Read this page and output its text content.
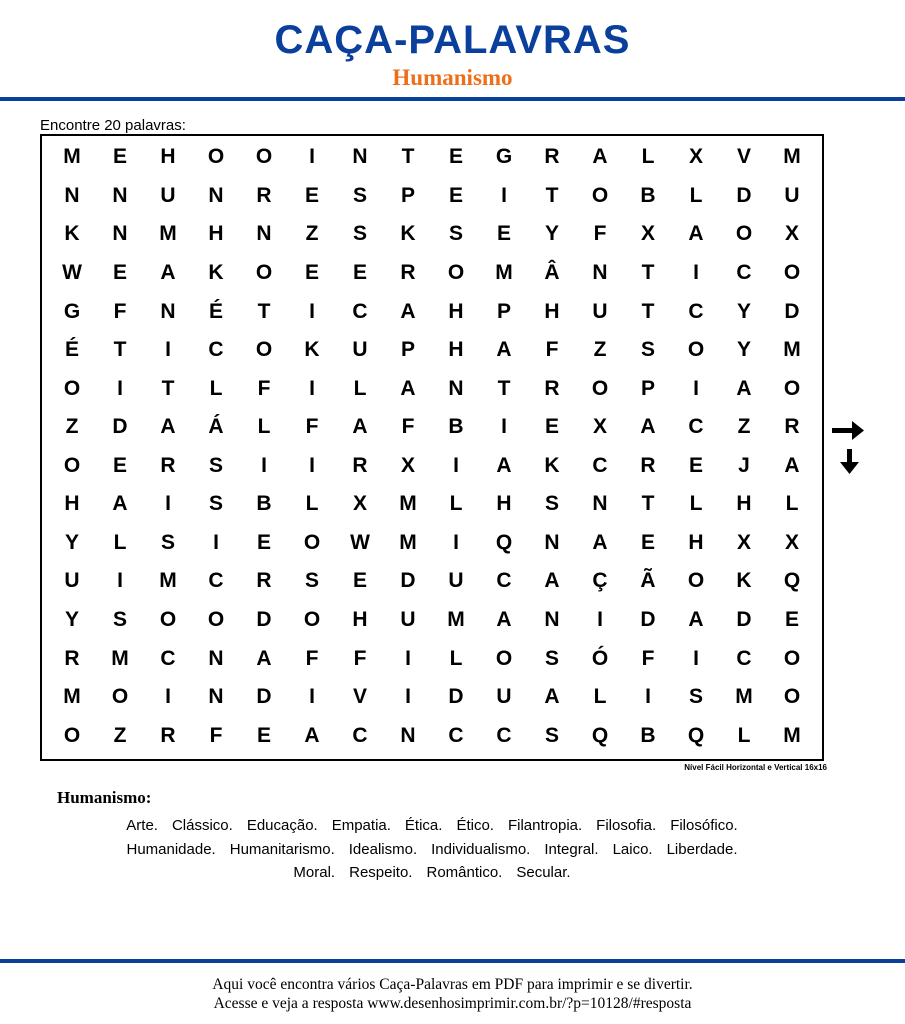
CAÇA-PALAVRAS
Humanismo
Encontre 20 palavras:
M	E	H	O	O	I	N	T	E	G	R	A	L	X	V	M
N	N	U	N	R	E	S	P	E	I	T	O	B	L	D	U
K	N	M	H	N	Z	S	K	S	E	Y	F	X	A	O	X
W	E	A	K	O	E	E	R	O	M	Â	N	T	I	C	O
G	F	N	É	T	I	C	A	H	P	H	U	T	C	Y	D
É	T	I	C	O	K	U	P	H	A	F	Z	S	O	Y	M
O	I	T	L	F	I	L	A	N	T	R	O	P	I	A	O
Z	D	A	Á	L	F	A	F	B	I	E	X	A	C	Z	R
O	E	R	S	I	I	R	X	I	A	K	C	R	E	J	A
H	A	I	S	B	L	X	M	L	H	S	N	T	L	H	L
Y	L	S	I	E	O	W	M	I	Q	N	A	E	H	X	X
U	I	M	C	R	S	E	D	U	C	A	Ç	Ã	O	K	Q
Y	S	O	O	D	O	H	U	M	A	N	I	D	A	D	E
R	M	C	N	A	F	F	I	L	O	S	Ó	F	I	C	O
M	O	I	N	D	I	V	I	D	U	A	L	I	S	M	O
O	Z	R	F	E	A	C	N	C	C	S	Q	B	Q	L	M
Nível Fácil Horizontal e Vertical 16x16
Humanismo:
Arte. Clássico. Educação. Empatia. Ética. Ético. Filantropia. Filosofia. Filosófico.
Humanidade. Humanitarismo. Idealismo. Individualismo. Integral. Laico. Liberdade.
Moral. Respeito. Romântico. Secular.
Aqui você encontra vários Caça-Palavras em PDF para imprimir e se divertir.
Acesse e veja a resposta www.desenhosimprimir.com.br/?p=10128/#resposta
